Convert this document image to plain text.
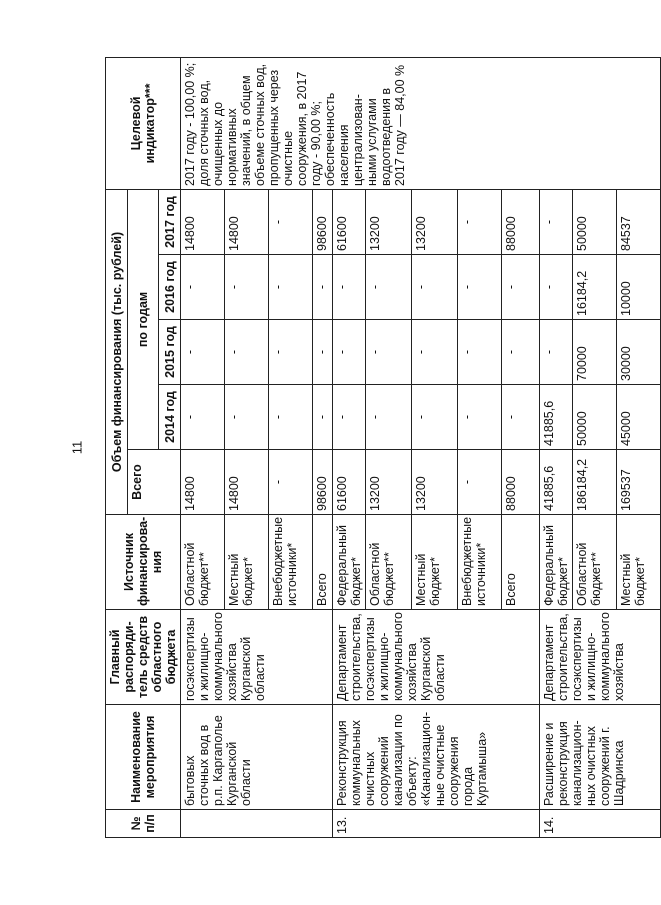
11
№ п/п	Наименование мероприятия	Главный распоряди- тель средств областного бюджета	Источник финансирова- ния	Объем финансирования (тыс. рублей)					Целевой индикатор***
				Всего	по годам				
					2014 год	2015 год	2016 год	2017 год	
	бытовых сточных вод в р.п. Каргаполье Курганской области	госэкспертизы и жилищно- коммунального хозяйства Курганской области	Областной бюджет**	14800	-	-	-	14800	2017 году - 100,00 %; доля сточных вод, очищенных до нормативных значений, в общем объеме сточных вод, пропущенных через очистные сооружения, в 2017 году - 90,00 %; обеспеченность населения централизован- ными услугами водоотведения в 2017 году — 84,00 %
			Местный бюджет*	14800	-	-	-	14800	
			Внебюджетные источники*	-	-	-	-	-	
			Всего	98600	-	-	-	98600	
13.	Реконструкция коммунальных очистных сооружений канализации по объекту: «Канализацион- ные очистные сооружения города Куртамыша»	Департамент строительства, госэкспертизы и жилищно- коммунального хозяйства Курганской области	Федеральный бюджет*	61600	-	-	-	61600	
			Областной бюджет**	13200	-	-	-	13200	
			Местный бюджет*	13200	-	-	-	13200	
			Внебюджетные источники*	-	-	-	-	-	
			Всего	88000	-	-	-	88000	
14.	Расширение и реконструкция канализацион- ных очистных сооружений г. Шадринска	Департамент строительства, госэкспертизы и жилищно- коммунального хозяйства	Федеральный бюджет*	41885,6	41885,6	-	-	-	
			Областной бюджет**	186184,2	50000	70000	16184,2	50000	
			Местный бюджет*	169537	45000	30000	10000	84537	
